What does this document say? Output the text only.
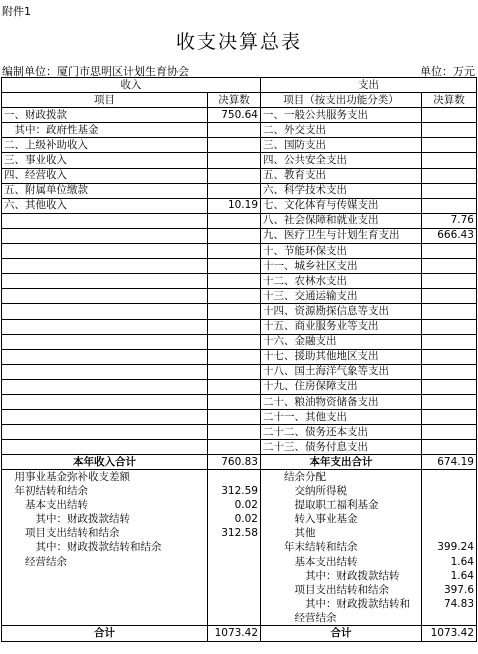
附件1
收支决算总表
编制单位：厦门市思明区计划生育协会	单位：万元
收入		支出	
项目	决算数	项目（按支出功能分类）	决算数
一、财政拨款	750.64	一、一般公共服务支出	
　其中：政府性基金		二、外交支出	
二、上级补助收入		三、国防支出	
三、事业收入		四、公共安全支出	
四、经营收入		五、教育支出	
五、附属单位缴款		六、科学技术支出	
六、其他收入	10.19	七、文化体育与传媒支出	
		八、社会保障和就业支出	7.76
		九、医疗卫生与计划生育支出	666.43
		十、节能环保支出	
		十一、城乡社区支出	
		十二、农林水支出	
		十三、交通运输支出	
		十四、资源勘探信息等支出	
		十五、商业服务业等支出	
		十六、金融支出	
		十七、援助其他地区支出	
		十八、国土海洋气象等支出	
		十九、住房保障支出	
		二十、粮油物资储备支出	
		二十一、其他支出	
		二十二、债务还本支出	
		二十三、债务付息支出	
本年收入合计	760.83	本年支出合计	674.19
　用事业基金弥补收支差额		　　结余分配	
　年初结转和结余	312.59	　　　交纳所得税	
　　基本支出结转	0.02	　　　提取职工福利基金	
　　　其中：财政拨款结转	0.02	　　　转入事业基金	
　　项目支出结转和结余	312.58	　　　其他	
　　　其中：财政拨款结转和结余		　　年末结转和结余	399.24
　　经营结余		　　　基本支出结转	1.64
		　　　　其中：财政拨款结转	1.64
		　　　项目支出结转和结余	397.6
		　　　　其中：财政拨款结转和	74.83
		　　　经营结余	
合计	1073.42	合计	1073.42
